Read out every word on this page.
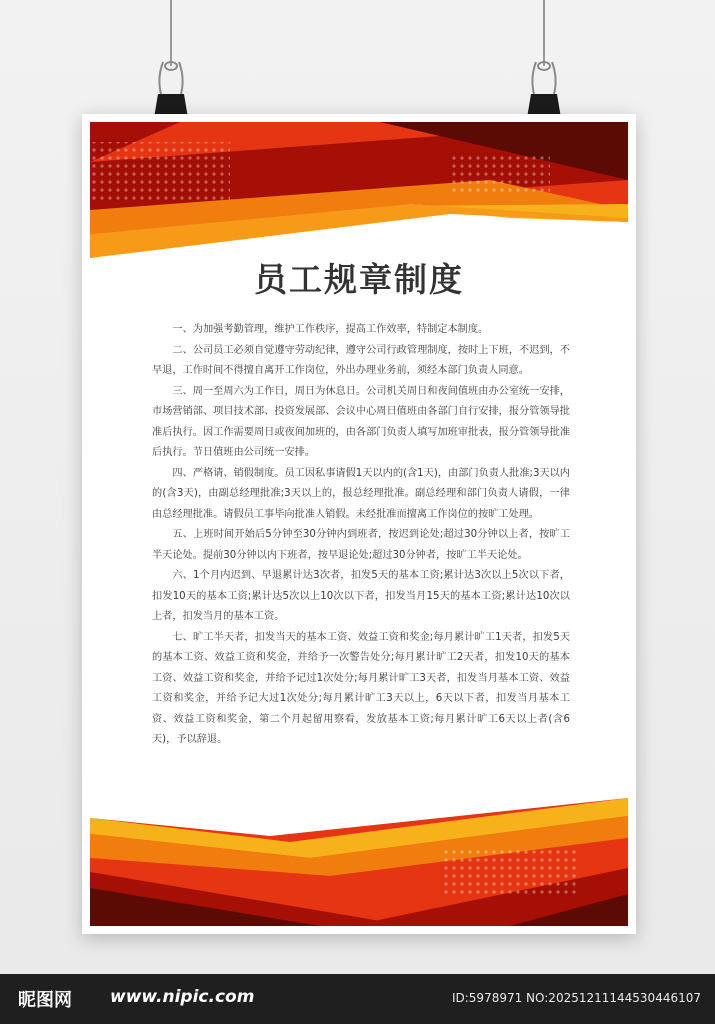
员工规章制度

一、为加强考勤管理，维护工作秩序，提高工作效率，特制定本制度。

二、公司员工必须自觉遵守劳动纪律，遵守公司行政管理制度，按时上下班，不迟到，不早退，工作时间不得擅自离开工作岗位，外出办理业务前，须经本部门负责人同意。

三、周一至周六为工作日，周日为休息日。公司机关周日和夜间值班由办公室统一安排，市场营销部、项目技术部、投资发展部、会议中心周日值班由各部门自行安排，报分管领导批准后执行。因工作需要周日或夜间加班的，由各部门负责人填写加班审批表，报分管领导批准后执行。节日值班由公司统一安排。

四、严格请、销假制度。员工因私事请假1天以内的(含1天)，由部门负责人批准;3天以内的(含3天)，由副总经理批准;3天以上的，报总经理批准。副总经理和部门负责人请假，一律由总经理批准。请假员工事毕向批准人销假。未经批准而擅离工作岗位的按旷工处理。

五、上班时间开始后5分钟至30分钟内到班者，按迟到论处;超过30分钟以上者，按旷工半天论处。提前30分钟以内下班者，按早退论处;超过30分钟者，按旷工半天论处。

六、1个月内迟到、早退累计达3次者，扣发5天的基本工资;累计达3次以上5次以下者，扣发10天的基本工资;累计达5次以上10次以下者，扣发当月15天的基本工资;累计达10次以上者，扣发当月的基本工资。

七、旷工半天者，扣发当天的基本工资、效益工资和奖金;每月累计旷工1天者，扣发5天的基本工资、效益工资和奖金，并给予一次警告处分;每月累计旷工2天者，扣发10天的基本工资、效益工资和奖金，并给予记过1次处分;每月累计旷工3天者，扣发当月基本工资、效益工资和奖金，并给予记大过1次处分;每月累计旷工3天以上，6天以下者，扣发当月基本工资、效益工资和奖金，第二个月起留用察看，发放基本工资;每月累计旷工6天以上者(含6天)，予以辞退。

昵图网 www.nipic.com	ID:5978971 NO:20251211144530446107
